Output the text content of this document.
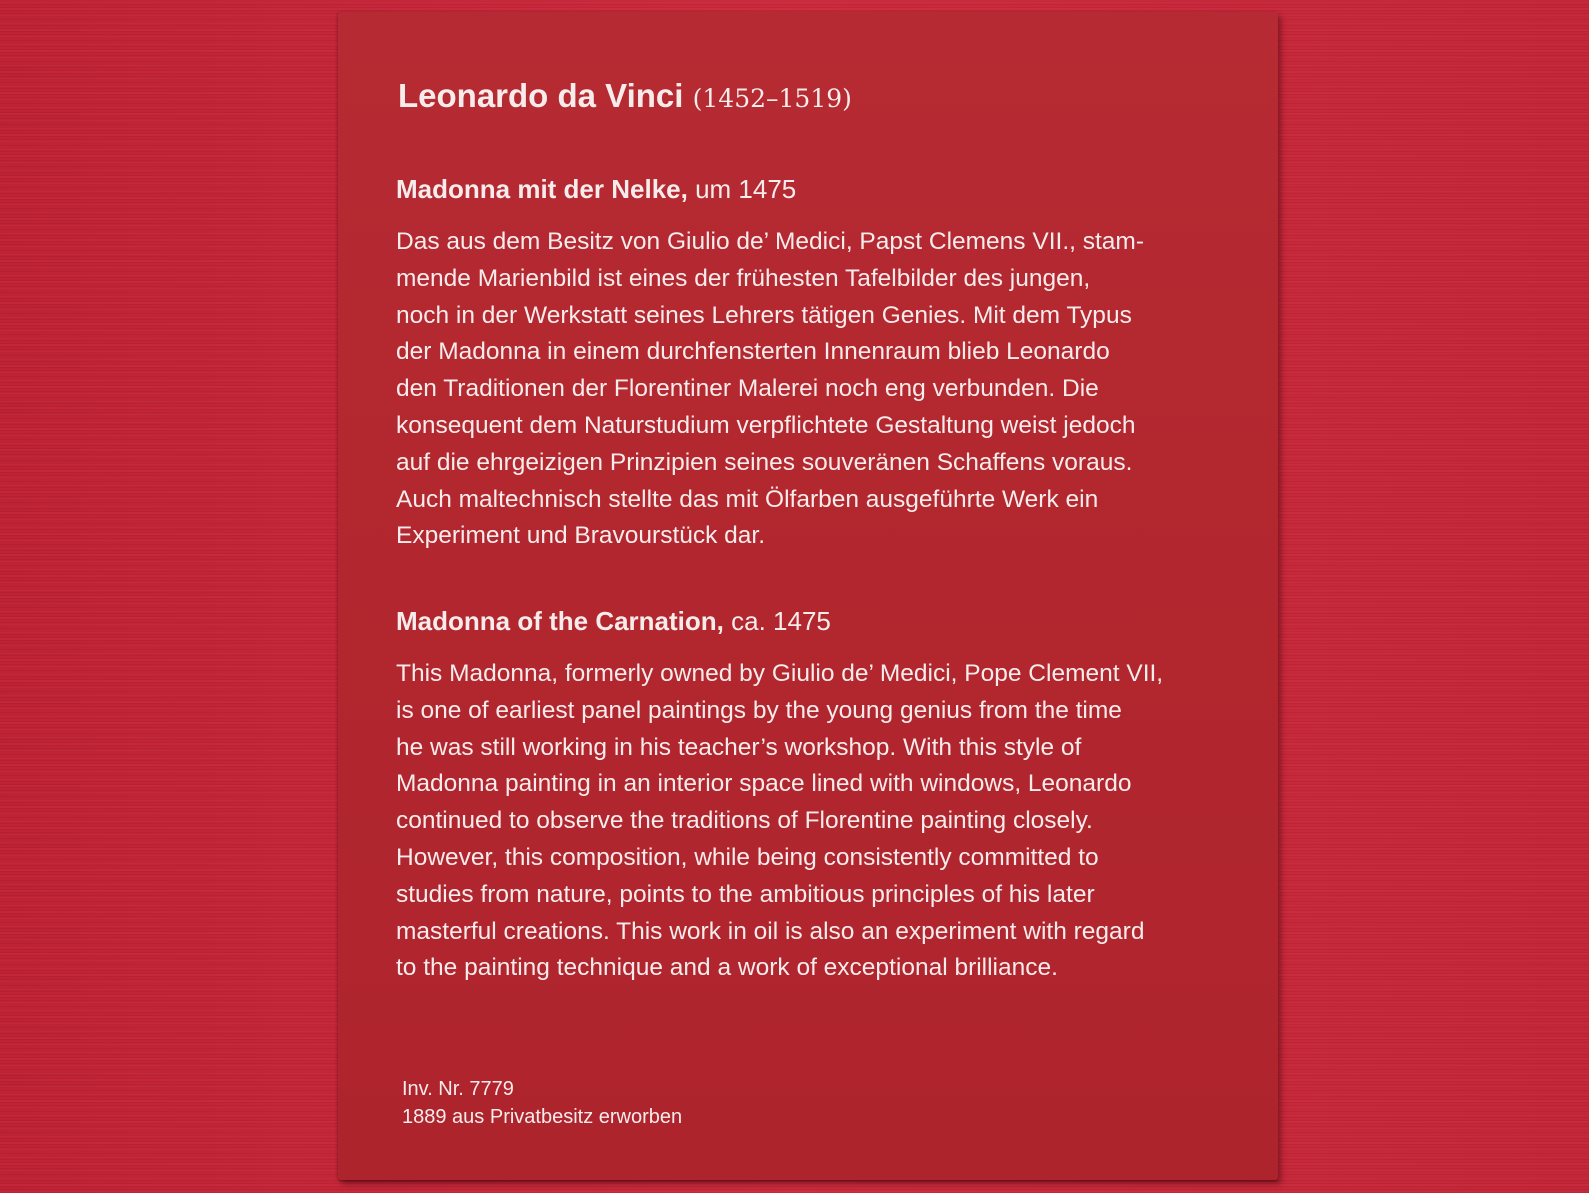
Leonardo da Vinci (1452–1519)
Madonna mit der Nelke, um 1475
Das aus dem Besitz von Giulio de’ Medici, Papst Clemens VII., stam-
mende Marienbild ist eines der frühesten Tafelbilder des jungen,
noch in der Werkstatt seines Lehrers tätigen Genies. Mit dem Typus
der Madonna in einem durchfensterten Innenraum blieb Leonardo
den Traditionen der Florentiner Malerei noch eng verbunden. Die
konsequent dem Naturstudium verpflichtete Gestaltung weist jedoch
auf die ehrgeizigen Prinzipien seines souveränen Schaffens voraus.
Auch maltechnisch stellte das mit Ölfarben ausgeführte Werk ein
Experiment und Bravourstück dar.
Madonna of the Carnation, ca. 1475
This Madonna, formerly owned by Giulio de’ Medici, Pope Clement VII,
is one of earliest panel paintings by the young genius from the time
he was still working in his teacher’s workshop. With this style of
Madonna painting in an interior space lined with windows, Leonardo
continued to observe the traditions of Florentine painting closely.
However, this composition, while being consistently committed to
studies from nature, points to the ambitious principles of his later
masterful creations. This work in oil is also an experiment with regard
to the painting technique and a work of exceptional brilliance.
Inv. Nr. 7779
1889 aus Privatbesitz erworben
